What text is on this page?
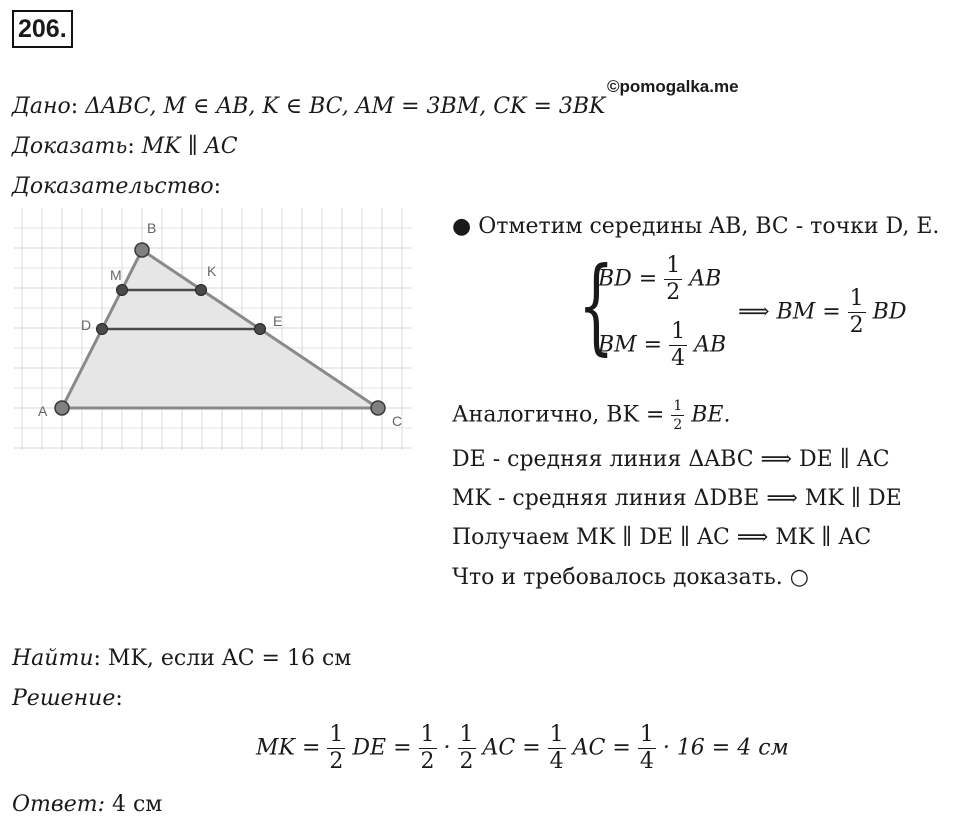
206.
©pomogalka.me
Дано: ΔABC, M ∈ AB, K ∈ BC, AM = 3BM, CK = 3BK
Доказать: MK ∥ AC
Доказательство:
A
B
C
D	E
M	K
● Отметим середины AB, BC - точки D, E.
{
BD = $\frac{1}{2}$ AB
BM = $\frac{1}{4}$ AB
⟹ BM = $\frac{1}{2}$ BD
Аналогично, BK = $\frac{1}{2}$ BE.
DE - средняя линия ΔABC ⟹ DE ∥ AC
MK - средняя линия ΔDBE ⟹ MK ∥ DE
Получаем MK ∥ DE ∥ AC ⟹ MK ∥ AC
Что и требовалось доказать. ○
Найти: MK, если AC = 16 см
Решение:
MK = $\frac{1}{2}$ DE = $\frac{1}{2} \cdot \frac{1}{2}$ AC = $\frac{1}{4}$ AC = $\frac{1}{4} \cdot 16 = 4$ см
Ответ: 4 см
